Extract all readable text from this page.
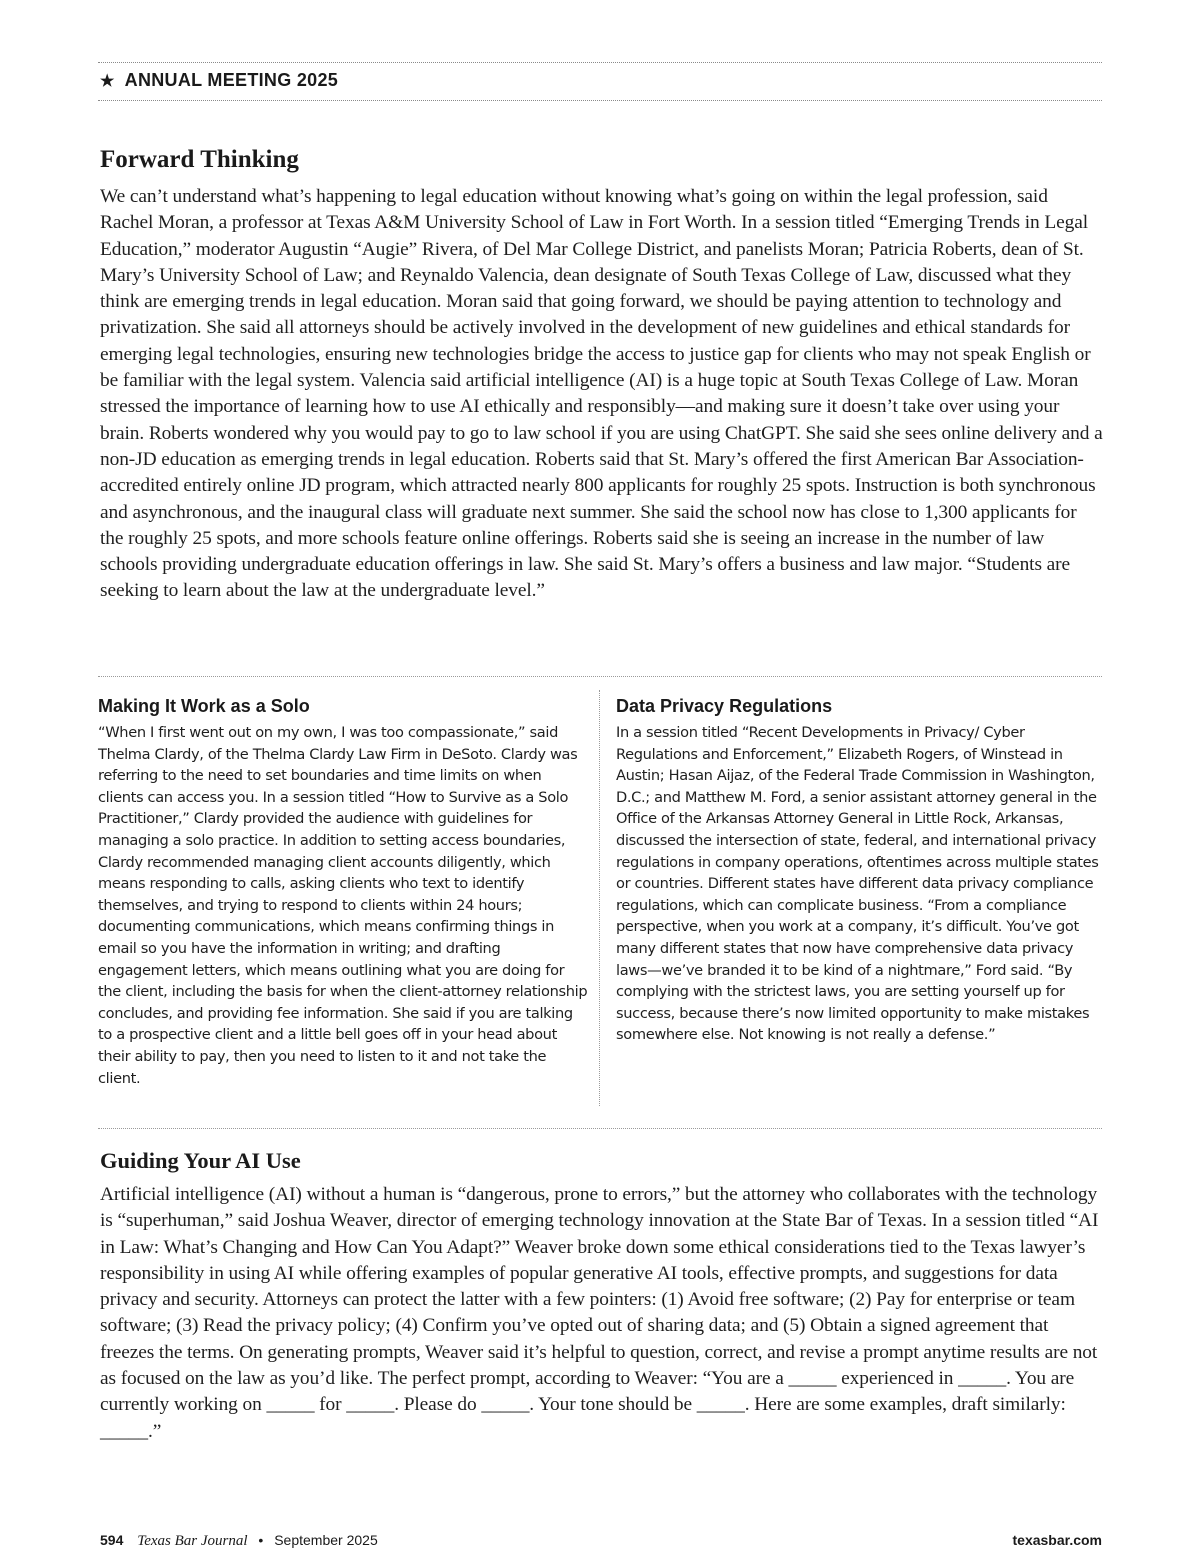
★ ANNUAL MEETING 2025
Forward Thinking

We can’t understand what’s happening to legal education without knowing what’s going on within the legal profession, said Rachel Moran, a professor at Texas A&M University School of Law in Fort Worth. In a session titled “Emerging Trends in Legal Education,” moderator Augustin “Augie” Rivera, of Del Mar College District, and panelists Moran; Patricia Roberts, dean of St. Mary’s University School of Law; and Reynaldo Valencia, dean designate of South Texas College of Law, discussed what they think are emerging trends in legal education. Moran said that going forward, we should be paying attention to technology and privatization. She said all attorneys should be actively involved in the development of new guidelines and ethical standards for emerging legal technologies, ensuring new technologies bridge the access to justice gap for clients who may not speak English or be familiar with the legal system. Valencia said artificial intelligence (AI) is a huge topic at South Texas College of Law. Moran stressed the importance of learning how to use AI ethically and responsibly—and making sure it doesn’t take over using your brain. Roberts wondered why you would pay to go to law school if you are using ChatGPT. She said she sees online delivery and a non-JD education as emerging trends in legal education. Roberts said that St. Mary’s offered the first American Bar Association- accredited entirely online JD program, which attracted nearly 800 applicants for roughly 25 spots. Instruction is both synchronous and asynchronous, and the inaugural class will graduate next summer. She said the school now has close to 1,300 applicants for the roughly 25 spots, and more schools feature online offerings. Roberts said she is seeing an increase in the number of law schools providing undergraduate education offerings in law. She said St. Mary’s offers a business and law major. “Students are seeking to learn about the law at the undergraduate level.”

Making It Work as a Solo

“When I first went out on my own, I was too compassionate,” said Thelma Clardy, of the Thelma Clardy Law Firm in DeSoto. Clardy was referring to the need to set boundaries and time limits on when clients can access you. In a session titled “How to Survive as a Solo Practitioner,” Clardy provided the audience with guidelines for managing a solo practice. In addition to setting access boundaries, Clardy recommended managing client accounts diligently, which means responding to calls, asking clients who text to identify themselves, and trying to respond to clients within 24 hours; documenting communications, which means confirming things in email so you have the information in writing; and drafting engagement letters, which means outlining what you are doing for the client, including the basis for when the client-attorney relationship concludes, and providing fee information. She said if you are talking to a prospective client and a little bell goes off in your head about their ability to pay, then you need to listen to it and not take the client.

Data Privacy Regulations

In a session titled “Recent Developments in Privacy/ Cyber Regulations and Enforcement,” Elizabeth Rogers, of Winstead in Austin; Hasan Aijaz, of the Federal Trade Commission in Washington, D.C.; and Matthew M. Ford, a senior assistant attorney general in the Office of the Arkansas Attorney General in Little Rock, Arkansas, discussed the intersection of state, federal, and international privacy regulations in company operations, oftentimes across multiple states or countries. Different states have different data privacy compliance regulations, which can complicate business. “From a compliance perspective, when you work at a company, it’s difficult. You’ve got many different states that now have comprehensive data privacy laws—we’ve branded it to be kind of a nightmare,” Ford said. “By complying with the strictest laws, you are setting yourself up for success, because there’s now limited opportunity to make mistakes somewhere else. Not knowing is not really a defense.”

Guiding Your AI Use

Artificial intelligence (AI) without a human is “dangerous, prone to errors,” but the attorney who collaborates with the technology is “superhuman,” said Joshua Weaver, director of emerging technology innovation at the State Bar of Texas. In a session titled “AI in Law: What’s Changing and How Can You Adapt?” Weaver broke down some ethical considerations tied to the Texas lawyer’s responsibility in using AI while offering examples of popular generative AI tools, effective prompts, and suggestions for data privacy and security. Attorneys can protect the latter with a few pointers: (1) Avoid free software; (2) Pay for enterprise or team software; (3) Read the privacy policy; (4) Confirm you’ve opted out of sharing data; and (5) Obtain a signed agreement that freezes the terms. On generating prompts, Weaver said it’s helpful to question, correct, and revise a prompt anytime results are not as focused on the law as you’d like. The perfect prompt, according to Weaver: “You are a _____ experienced in _____. You are currently working on _____ for _____. Please do _____. Your tone should be _____. Here are some examples, draft similarly: _____.”

594 Texas Bar Journal • September 2025	texasbar.com
